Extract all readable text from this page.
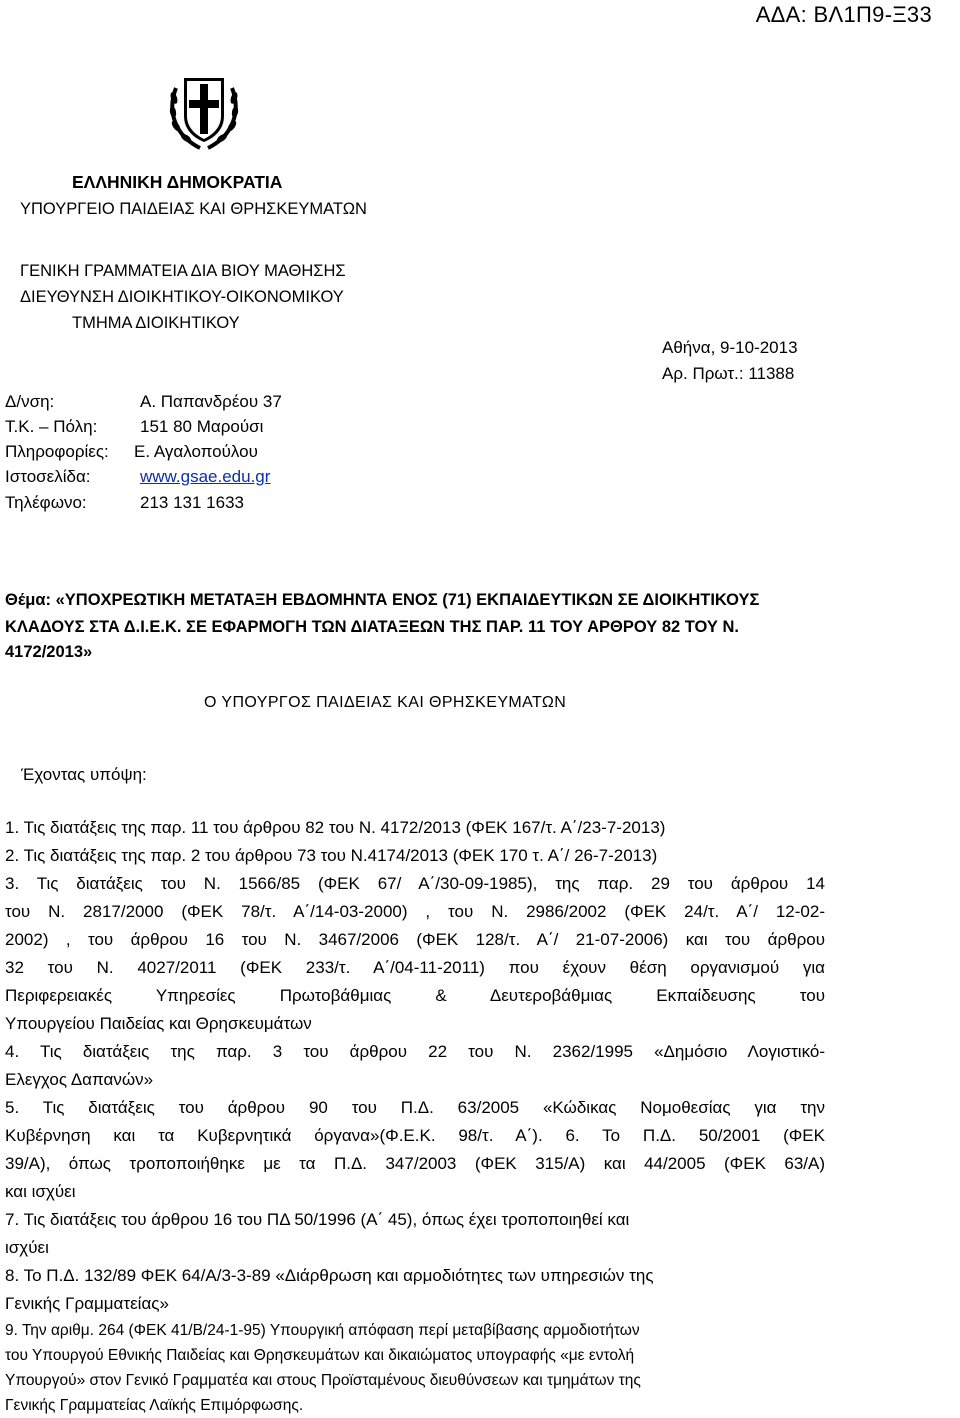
ΑΔΑ: ΒΛ1Π9-Ξ33
ΕΛΛΗΝΙΚΗ ΔΗΜΟΚΡΑΤΙΑ
ΥΠΟΥΡΓΕΙΟ ΠΑΙΔΕΙΑΣ ΚΑΙ ΘΡΗΣΚΕΥΜΑΤΩΝ
ΓΕΝΙΚΗ ΓΡΑΜΜΑΤΕΙΑ ΔΙΑ ΒΙΟΥ ΜΑΘΗΣΗΣ
ΔΙΕΥΘΥΝΣΗ ΔΙΟΙΚΗΤΙΚΟΥ-ΟΙΚΟΝΟΜΙΚΟΥ
ΤΜΗΜΑ ΔΙΟΙΚΗΤΙΚΟΥ
Αθήνα, 9-10-2013
Αρ. Πρωτ.: 11388
Δ/νση:	Α. Παπανδρέου 37
Τ.Κ. – Πόλη:	151 80 Μαρούσι
Πληροφορίες: Ε. Αγαλοπούλου
Ιστοσελίδα:	www.gsae.edu.gr
Τηλέφωνο:	213 131 1633
Θέμα: «ΥΠΟΧΡΕΩΤΙΚΗ ΜΕΤΑΤΑΞΗ ΕΒΔΟΜΗΝΤΑ ΕΝΟΣ (71) ΕΚΠΑΙΔΕΥΤΙΚΩΝ ΣΕ ΔΙΟΙΚΗΤΙΚΟΥΣ
ΚΛΑΔΟΥΣ ΣΤΑ Δ.Ι.Ε.Κ. ΣΕ ΕΦΑΡΜΟΓΗ ΤΩΝ ΔΙΑΤΑΞΕΩΝ ΤΗΣ ΠΑΡ. 11 ΤΟΥ ΑΡΘΡΟΥ 82 ΤΟΥ Ν.
4172/2013»
Ο ΥΠΟΥΡΓΟΣ ΠΑΙΔΕΙΑΣ ΚΑΙ ΘΡΗΣΚΕΥΜΑΤΩΝ
Έχοντας υπόψη:
1. Τις διατάξεις της παρ. 11 του άρθρου 82 του Ν. 4172/2013 (ΦΕΚ 167/τ. Α΄/23-7-2013)
2. Τις διατάξεις της παρ. 2 του άρθρου 73 του Ν.4174/2013 (ΦΕΚ 170 τ. Α΄/ 26-7-2013)
3. Τις διατάξεις του Ν. 1566/85 (ΦΕΚ 67/ Α΄/30-09-1985), της παρ. 29 του άρθρου 14
του Ν. 2817/2000 (ΦΕΚ 78/τ. Α΄/14-03-2000) , του Ν. 2986/2002 (ΦΕΚ 24/τ. Α΄/ 12-02-
2002) , του άρθρου 16 του Ν. 3467/2006 (ΦΕΚ 128/τ. Α΄/ 21-07-2006) και του άρθρου
32 του Ν. 4027/2011 (ΦΕΚ 233/τ. Α΄/04-11-2011) που έχουν θέση οργανισμού για
Περιφερειακές Υπηρεσίες Πρωτοβάθμιας & Δευτεροβάθμιας Εκπαίδευσης του
Υπουργείου Παιδείας και Θρησκευμάτων
4. Τις διατάξεις της παρ. 3 του άρθρου 22 του Ν. 2362/1995 «Δημόσιο Λογιστικό-
Ελεγχος Δαπανών»
5. Τις διατάξεις του άρθρου 90 του Π.Δ. 63/2005 «Κώδικας Νομοθεσίας για την
Κυβέρνηση και τα Κυβερνητικά όργανα»(Φ.Ε.Κ. 98/τ. Α΄). 6. Το Π.Δ. 50/2001 (ΦΕΚ
39/Α), όπως τροποποιήθηκε με τα Π.Δ. 347/2003 (ΦΕΚ 315/Α) και 44/2005 (ΦΕΚ 63/Α)
και ισχύει
7. Τις διατάξεις του άρθρου 16 του ΠΔ 50/1996 (Α΄ 45), όπως έχει τροποποιηθεί και
ισχύει
8. Το Π.Δ. 132/89 ΦΕΚ 64/Α/3-3-89 «Διάρθρωση και αρμοδιότητες των υπηρεσιών της
Γενικής Γραμματείας»
9. Την αριθμ. 264 (ΦΕΚ 41/Β/24-1-95) Υπουργική απόφαση περί μεταβίβασης αρμοδιοτήτων
του Υπουργού Εθνικής Παιδείας και Θρησκευμάτων και δικαιώματος υπογραφής «με εντολή
Υπουργού» στον Γενικό Γραμματέα και στους Προϊσταμένους διευθύνσεων και τμημάτων της
Γενικής Γραμματείας Λαϊκής Επιμόρφωσης.
